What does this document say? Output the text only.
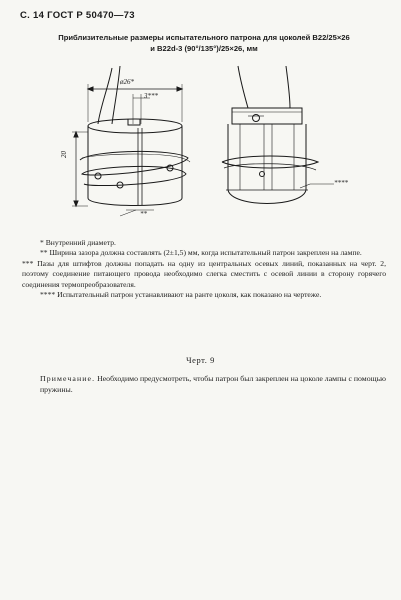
С. 14 ГОСТ Р 50470—73
Приблизительные размеры испытательного патрона для цоколей B22/25×26
и B22d-3 (90°/135°)/25×26, мм
ø26*
3***
20
**
****

* Внутренний диаметр.

** Ширина зазора должна составлять (2±1,5) мм, когда испытательный патрон закреплен на лампе.

*** Пазы для штифтов должны попадать на одну из центральных осевых линий, показанных на черт. 2, поэтому соединение питающего провода необходимо слегка сместить с осевой линии в сторону горячего соединения термопреобразователя.

**** Испытательный патрон устанавливают на ранте цоколя, как показано на чертеже.

Черт. 9
Примечание. Необходимо предусмотреть, чтобы патрон был закреплен на цоколе лампы с помощью пружины.
